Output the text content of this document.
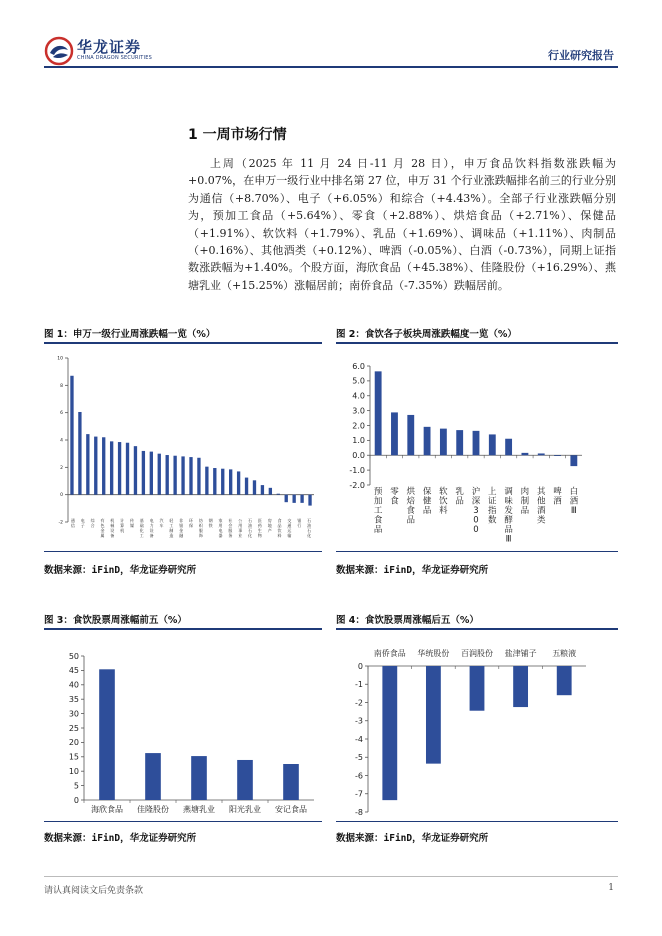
华龙证券
CHINA DRAGON SECURITIES	行业研究报告
1 一周市场行情
上周（2025 年 11 月 24 日-11 月 28 日），申万食品饮料指数涨跌幅为+0.07%，在申万一级行业中排名第 27 位，申万 31 个行业涨跌幅排名前三的行业分别为通信（+8.70%）、电子（+6.05%）和综合（+4.43%）。全部子行业涨跌幅分别为，预加工食品（+5.64%）、零食（+2.88%）、烘焙食品（+2.71%）、保健品（+1.91%）、软饮料（+1.79%）、乳品（+1.69%）、调味品（+1.11%）、肉制品（+0.16%）、其他酒类（+0.12%）、啤酒（-0.05%）、白酒（-0.73%），同期上证指数涨跌幅为+1.40%。个股方面，海欣食品（+45.38%）、佳隆股份（+16.29%）、燕塘乳业（+15.25%）涨幅居前；南侨食品（-7.35%）跌幅居前。
图 1：申万一级行业周涨跌幅一览（%）
-2
0
2
4
6
8
10
通
信
电
子
综
合
有
色
金
属
机
械
设
备
计
算
机
传
媒
基
础
化
工
电
力
设
备
汽
车
轻
工
制
造
非
银
金
融
环
保
纺
织
服
饰
钢
铁
家
用
电
器
社
会
服
务
公
用
事
业
石
油
石
化
医
药
生
物
房
地
产
食
品
饮
料
交
通
运
输
银
行
石
油
石
化
数据来源：iFinD，华龙证券研究所
图 2：食饮各子板块周涨跌幅度一览（%）
6.0
5.0
4.0
3.0
2.0
1.0
0.0
-1.0
-2.0
预
加
工
食
品
零
食
烘
焙
食
品
保
健
品
软
饮
料
乳
品
沪
深
3
0
0
上
证
指
数
调
味
发
酵
品
Ⅲ
肉
制
品
其
他
酒
类
啤
酒
白
酒
Ⅲ
数据来源：iFinD，华龙证券研究所
图 3：食饮股票周涨幅前五（%）
0
5
10
15
20
25
30
35
40
45
50
海欣食品 佳隆股份 燕塘乳业 阳光乳业 安记食品
数据来源：iFinD，华龙证券研究所
图 4：食饮股票周涨幅后五（%）
0
-1
-2
-3
-4
-5
-6
-7
-8
南侨食品 华统股份 百润股份 盐津铺子 五粮液
数据来源：iFinD，华龙证券研究所
请认真阅读文后免责条款	1
